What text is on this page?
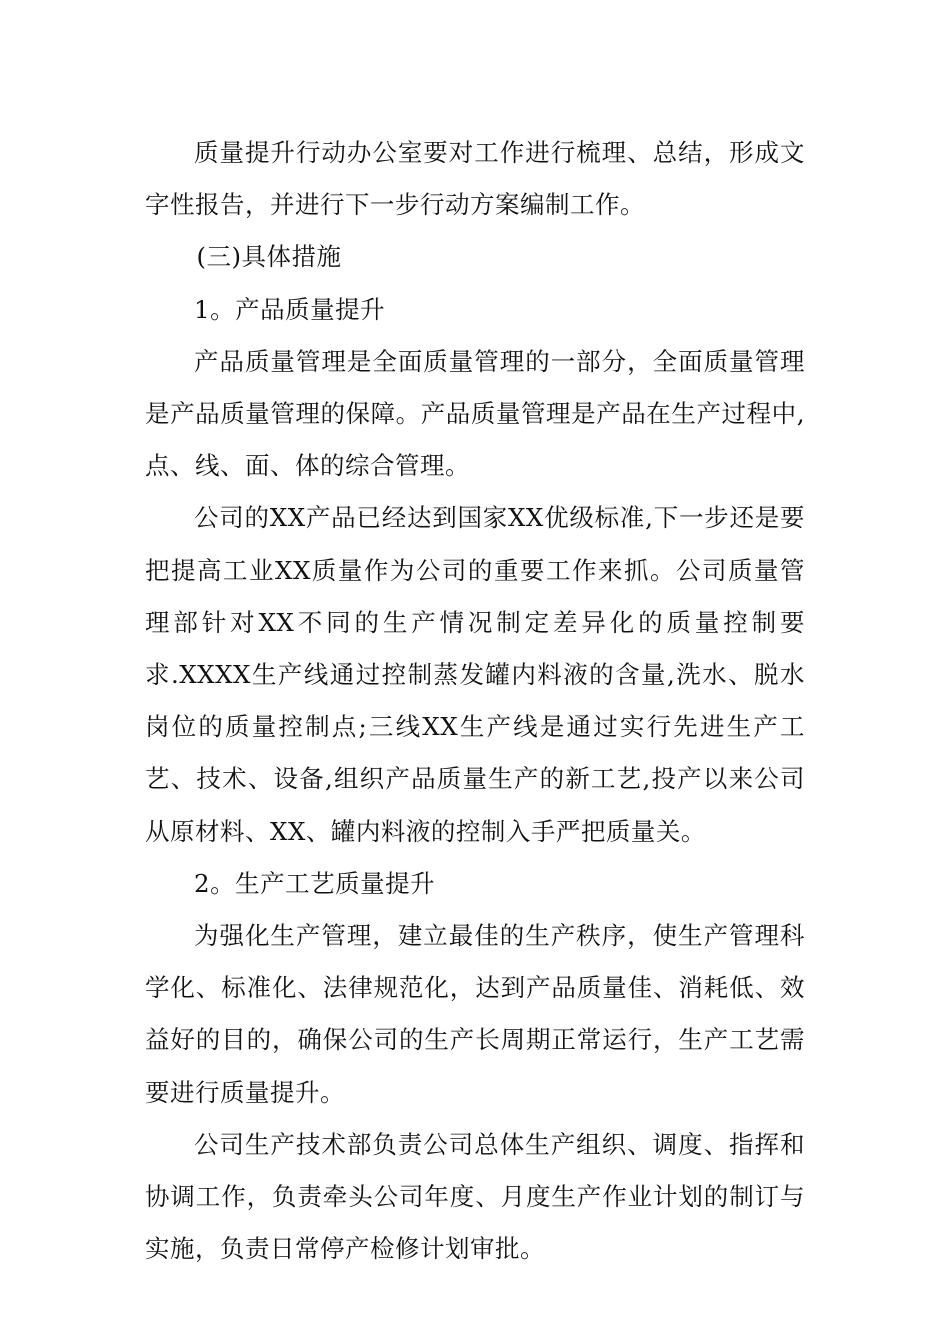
质量提升行动办公室要对工作进行梳理、总结，形成文字性报告，并进行下一步行动方案编制工作。

(三)具体措施

1。产品质量提升

产品质量管理是全面质量管理的一部分，全面质量管理是产品质量管理的保障。产品质量管理是产品在生产过程中,点、线、面、体的综合管理。

公司的XX产品已经达到国家XX优级标准,下一步还是要把提高工业XX质量作为公司的重要工作来抓。公司质量管理部针对XX不同的生产情况制定差异化的质量控制要求.XXXX生产线通过控制蒸发罐内料液的含量,洗水、脱水岗位的质量控制点;三线XX生产线是通过实行先进生产工艺、技术、设备,组织产品质量生产的新工艺,投产以来公司从原材料、XX、罐内料液的控制入手严把质量关。

2。生产工艺质量提升

为强化生产管理，建立最佳的生产秩序，使生产管理科学化、标准化、法律规范化，达到产品质量佳、消耗低、效益好的目的，确保公司的生产长周期正常运行，生产工艺需要进行质量提升。

公司生产技术部负责公司总体生产组织、调度、指挥和协调工作，负责牵头公司年度、月度生产作业计划的制订与实施，负责日常停产检修计划审批。
